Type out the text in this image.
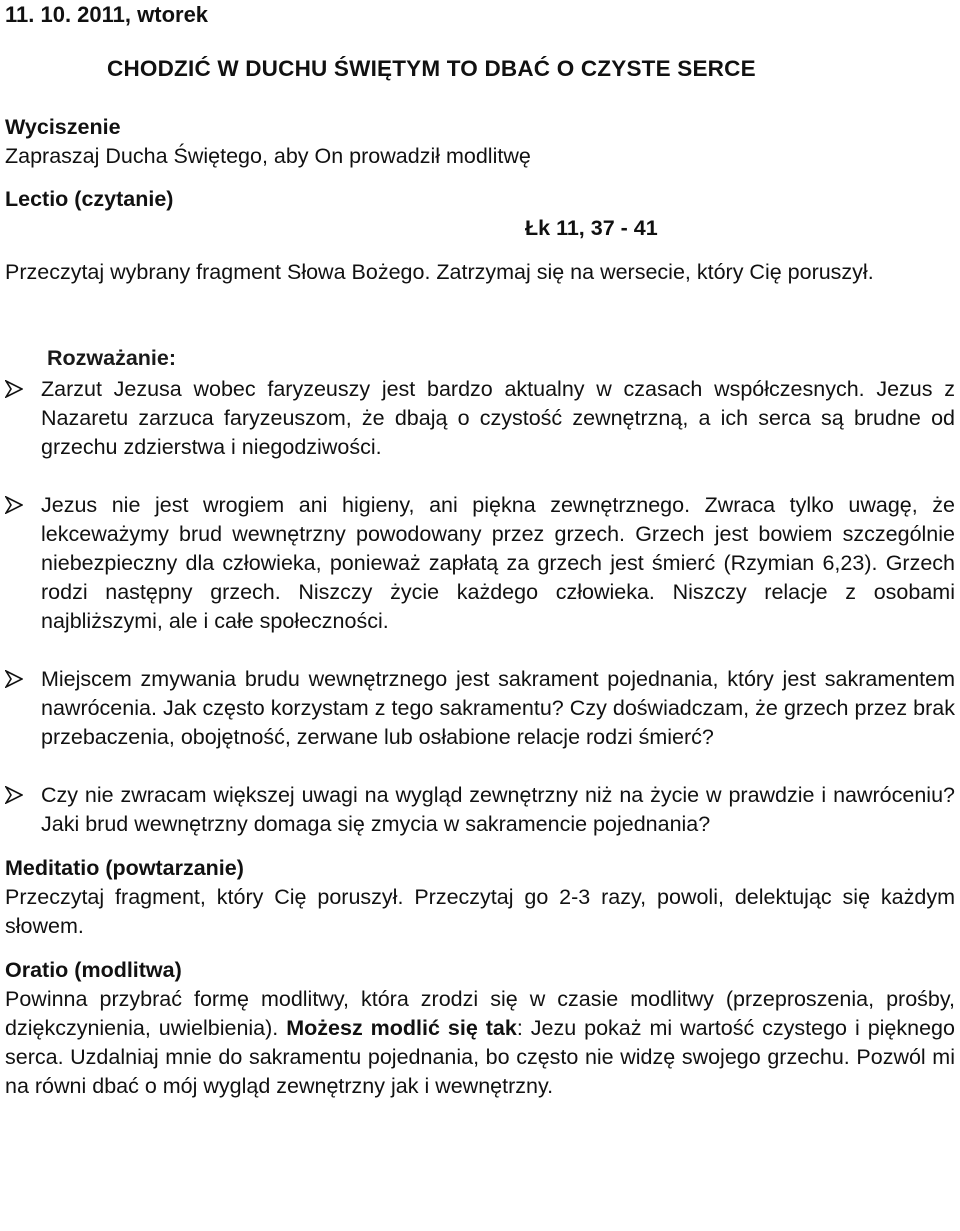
11. 10. 2011, wtorek
CHODZIĆ W DUCHU ŚWIĘTYM TO DBAĆ O CZYSTE SERCE
Wyciszenie
Zapraszaj Ducha Świętego, aby On prowadził modlitwę
Lectio (czytanie)
Łk 11, 37 - 41
Przeczytaj wybrany fragment Słowa Bożego. Zatrzymaj się na wersecie, który Cię poruszył.
Rozważanie:
Zarzut Jezusa wobec faryzeuszy jest bardzo aktualny w czasach współczesnych. Jezus z Nazaretu zarzuca faryzeuszom, że dbają o czystość zewnętrzną, a ich serca są brudne od grzechu zdzierstwa i niegodziwości.
Jezus nie jest wrogiem ani higieny, ani piękna zewnętrznego. Zwraca tylko uwagę, że lekceważymy brud wewnętrzny powodowany przez grzech. Grzech jest bowiem szczególnie niebezpieczny dla człowieka, ponieważ zapłatą za grzech jest śmierć (Rzymian 6,23). Grzech rodzi następny grzech. Niszczy życie każdego człowieka. Niszczy relacje z osobami najbliższymi, ale i całe społeczności.
Miejscem zmywania brudu wewnętrznego jest sakrament pojednania, który jest sakramentem nawrócenia. Jak często korzystam z tego sakramentu? Czy doświadczam, że grzech przez brak przebaczenia, obojętność, zerwane lub osłabione relacje rodzi śmierć?
Czy nie zwracam większej uwagi na wygląd zewnętrzny niż na życie w prawdzie i nawróceniu? Jaki brud wewnętrzny domaga się zmycia w sakramencie pojednania?
Meditatio (powtarzanie)
Przeczytaj fragment, który Cię poruszył. Przeczytaj go 2-3 razy, powoli, delektując się każdym słowem.
Oratio (modlitwa)
Powinna przybrać formę modlitwy, która zrodzi się w czasie modlitwy (przeproszenia, prośby, dziękczynienia, uwielbienia). Możesz modlić się tak: Jezu pokaż mi wartość czystego i pięknego serca. Uzdalniaj mnie do sakramentu pojednania, bo często nie widzę swojego grzechu. Pozwól mi na równi dbać o mój wygląd zewnętrzny jak i wewnętrzny.
